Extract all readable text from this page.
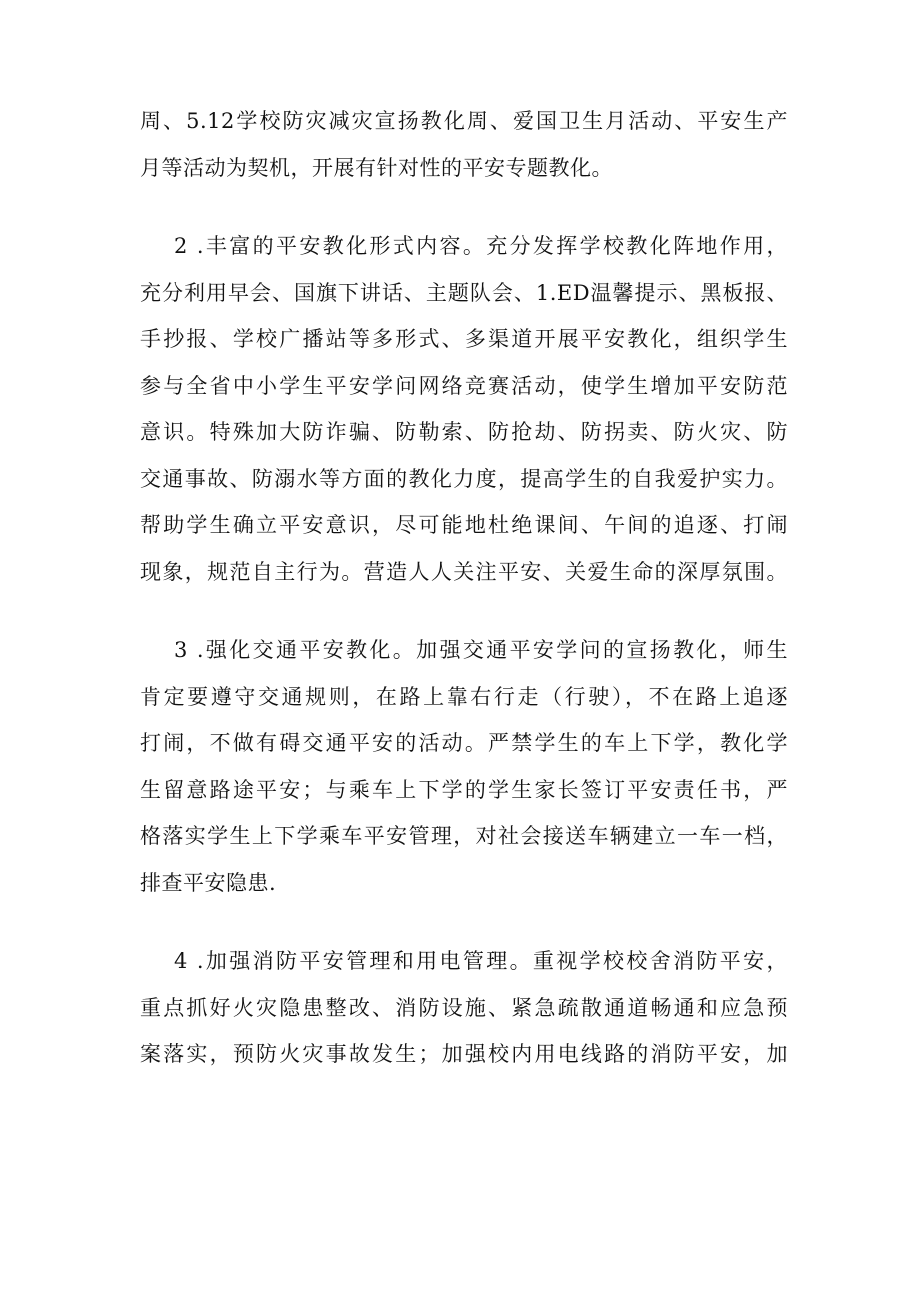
周、5.12学校防灾减灾宣扬教化周、爱国卫生月活动、平安生产
月等活动为契机，开展有针对性的平安专题教化。
2 .丰富的平安教化形式内容。充分发挥学校教化阵地作用，
充分利用早会、国旗下讲话、主题队会、1.ED温馨提示、黑板报、
手抄报、学校广播站等多形式、多渠道开展平安教化，组织学生
参与全省中小学生平安学问网络竞赛活动，使学生增加平安防范
意识。特殊加大防诈骗、防勒索、防抢劫、防拐卖、防火灾、防
交通事故、防溺水等方面的教化力度，提高学生的自我爱护实力。
帮助学生确立平安意识，尽可能地杜绝课间、午间的追逐、打闹
现象，规范自主行为。营造人人关注平安、关爱生命的深厚氛围。
3 .强化交通平安教化。加强交通平安学问的宣扬教化，师生
肯定要遵守交通规则，在路上靠右行走（行驶），不在路上追逐
打闹，不做有碍交通平安的活动。严禁学生的车上下学，教化学
生留意路途平安；与乘车上下学的学生家长签订平安责任书，严
格落实学生上下学乘车平安管理，对社会接送车辆建立一车一档，
排查平安隐患.
4 .加强消防平安管理和用电管理。重视学校校舍消防平安，
重点抓好火灾隐患整改、消防设施、紧急疏散通道畅通和应急预
案落实，预防火灾事故发生；加强校内用电线路的消防平安，加
